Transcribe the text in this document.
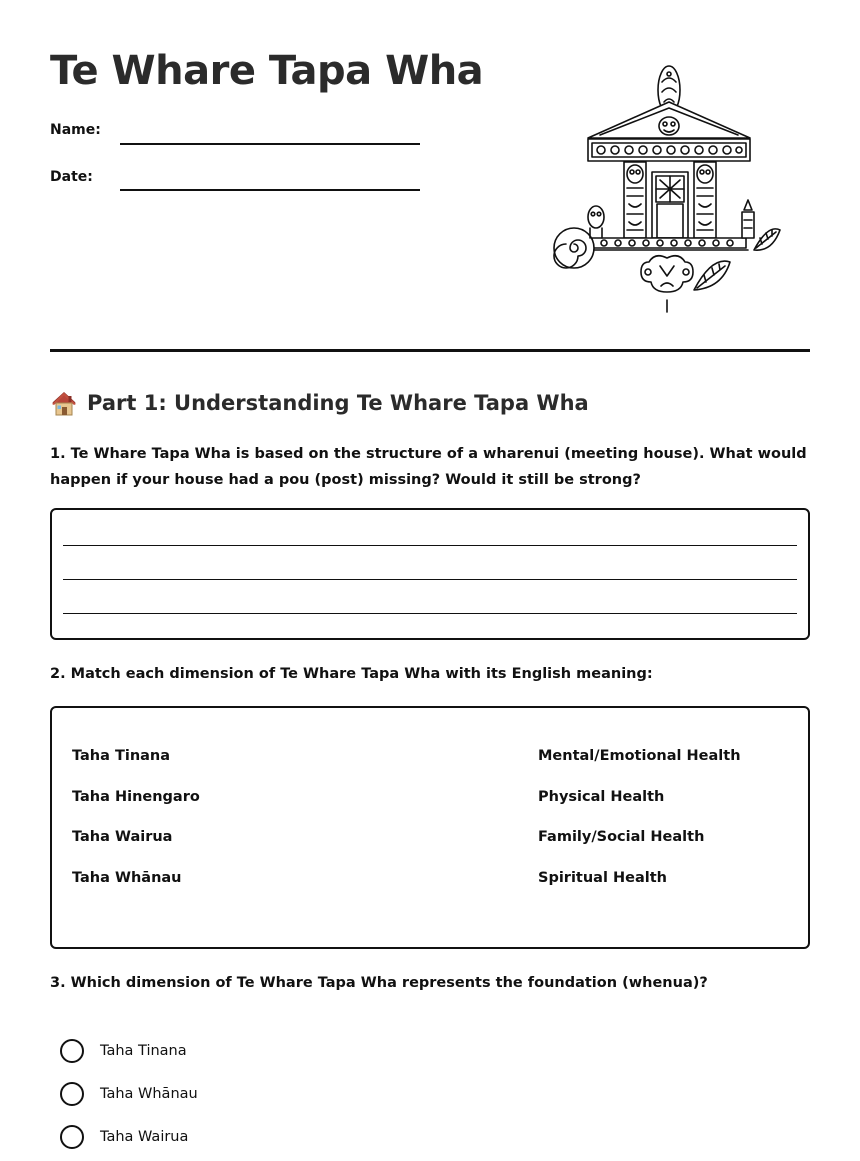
Te Whare Tapa Wha
Name:
Date:
Part 1: Understanding Te Whare Tapa Wha

1. Te Whare Tapa Wha is based on the structure of a wharenui (meeting house). What would happen if your house had a pou (post) missing? Would it still be strong?

2. Match each dimension of Te Whare Tapa Wha with its English meaning:

Taha Tinana
Taha Hinengaro
Taha Wairua
Taha Whānau
Mental/Emotional Health
Physical Health
Family/Social Health
Spiritual Health

3. Which dimension of Te Whare Tapa Wha represents the foundation (whenua)?

Taha Tinana
Taha Whānau
Taha Wairua
